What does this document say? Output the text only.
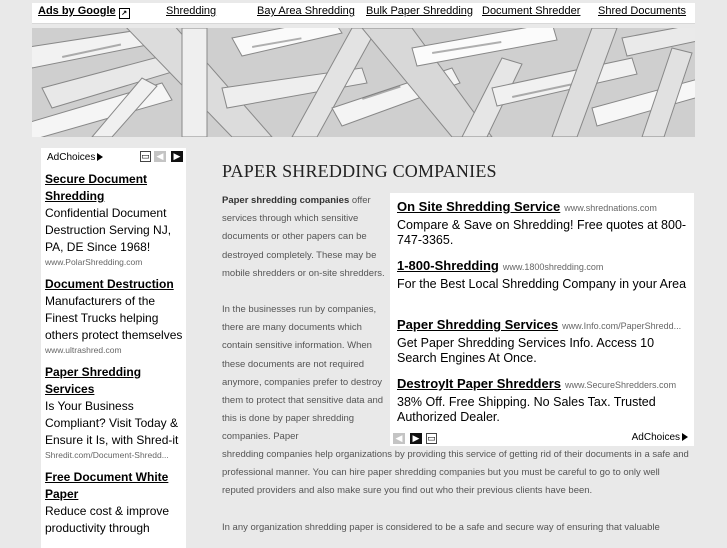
Ads by Google ↗	Shredding	Bay Area Shredding Bulk Paper Shredding Document Shredder Shred Documents
AdChoices	▭ ◀ ▶
Secure Document Shredding
Confidential Document Destruction Serving NJ, PA, DE Since 1968!
www.PolarShredding.com
Document Destruction
Manufacturers of the Finest Trucks helping others protect themselves
www.ultrashred.com
Paper Shredding Services
Is Your Business Compliant? Visit Today & Ensure it Is, with Shred-it
Shredit.com/Document-Shredd...
Free Document White Paper
Reduce cost & improve productivity through
PAPER SHREDDING COMPANIES

Paper shredding companies offer services through which sensitive documents or other papers can be destroyed completely. These may be mobile shredders or on-site shredders.

In the businesses run by companies, there are many documents which contain sensitive information. When these documents are not required anymore, companies prefer to destroy them to protect that sensitive data and this is done by paper shredding companies. Paper

shredding companies help organizations by providing this service of getting rid of their documents in a safe and professional manner. You can hire paper shredding companies but you must be careful to go to only well reputed providers and also make sure you find out who their previous clients have been.

In any organization shredding paper is considered to be a safe and secure way of ensuring that valuable

On Site Shredding Service www.shrednations.com
Compare & Save on Shredding! Free quotes at 800-747-3365.
1-800-Shredding www.1800shredding.com
For the Best Local Shredding Company in your Area
Paper Shredding Services www.Info.com/PaperShredd...
Get Paper Shredding Services Info. Access 10 Search Engines At Once.
DestroyIt Paper Shredders www.SecureShredders.com
38% Off. Free Shipping. No Sales Tax. Trusted Authorized Dealer.
◀ ▶ ▭	AdChoices
